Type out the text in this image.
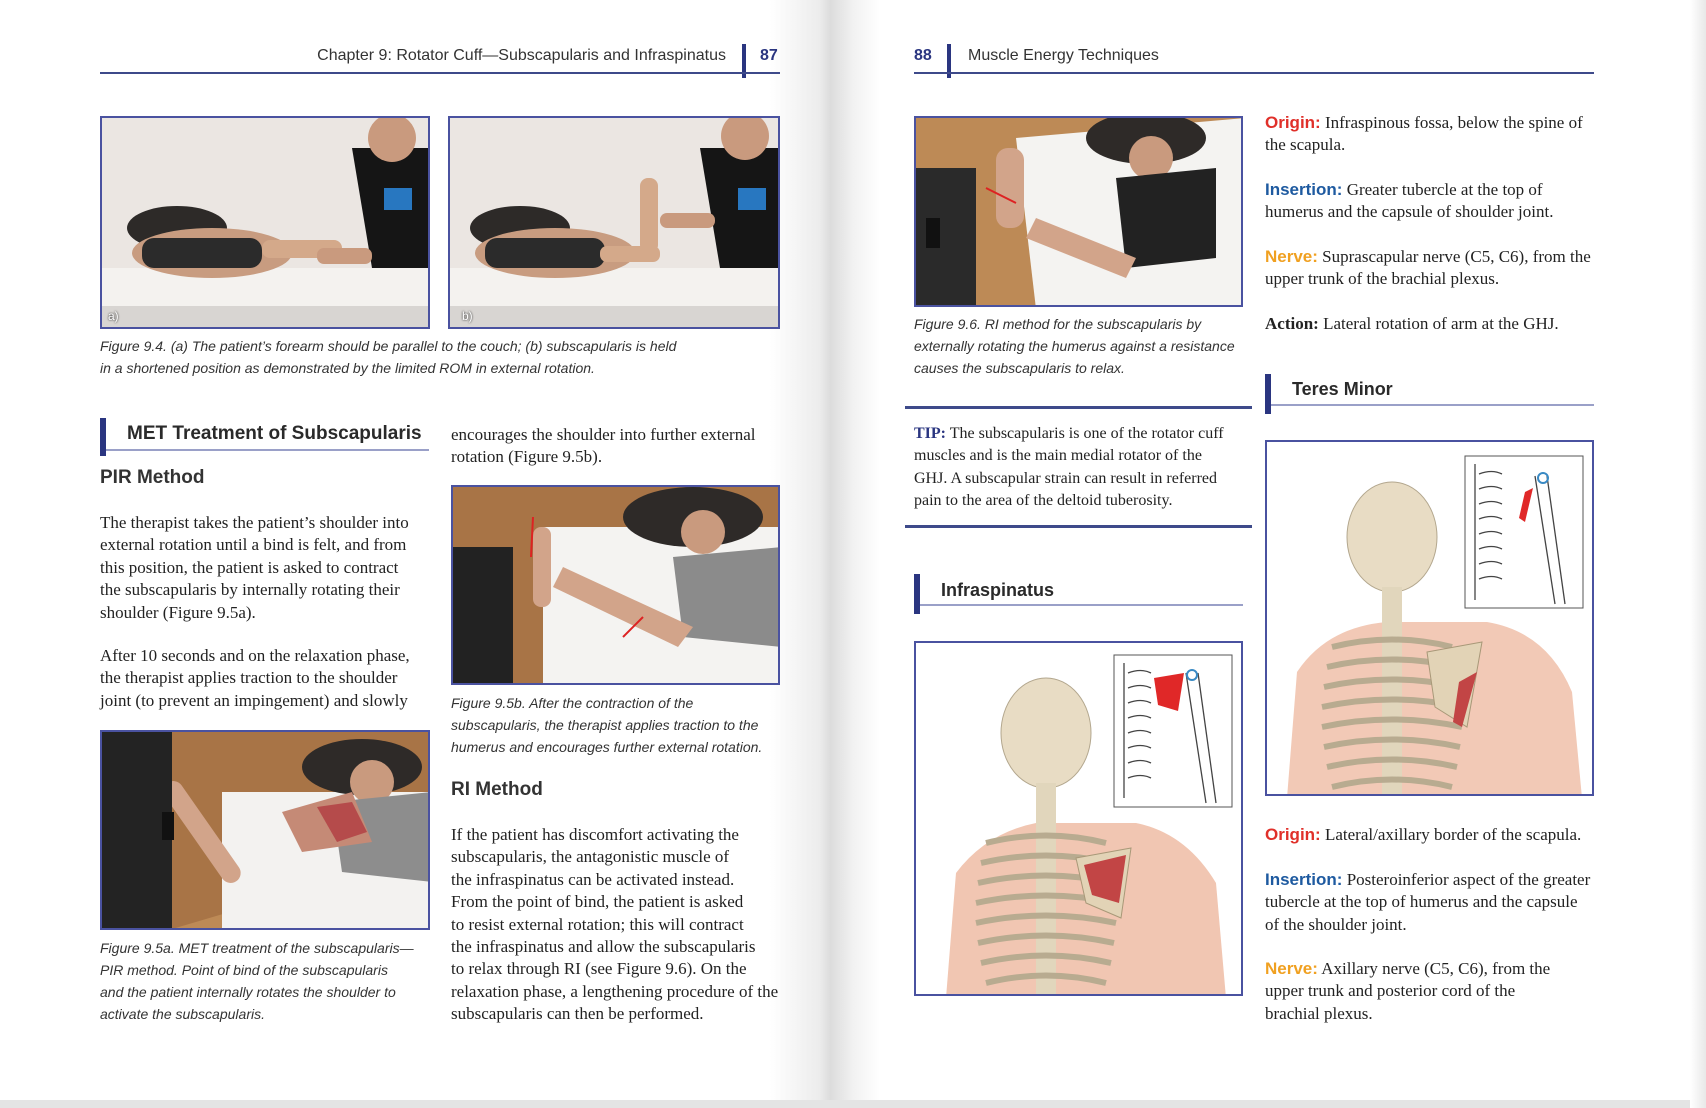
Chapter 9: Rotator Cuff—Subscapularis and Infraspinatus 87
a)	b)
Figure 9.4. (a) The patient’s forearm should be parallel to the couch; (b) subscapularis is held
in a shortened position as demonstrated by the limited ROM in external rotation.
MET Treatment of Subscapularis
PIR Method
The therapist takes the patient’s shoulder into
external rotation until a bind is felt, and from
this position, the patient is asked to contract
the subscapularis by internally rotating their
shoulder (Figure 9.5a).
After 10 seconds and on the relaxation phase,
the therapist applies traction to the shoulder
joint (to prevent an impingement) and slowly
Figure 9.5a. MET treatment of the subscapularis—
PIR method. Point of bind of the subscapularis
and the patient internally rotates the shoulder to
activate the subscapularis.
encourages the shoulder into further external
rotation (Figure 9.5b).
Figure 9.5b. After the contraction of the
subscapularis, the therapist applies traction to the
humerus and encourages further external rotation.
RI Method
If the patient has discomfort activating the
subscapularis, the antagonistic muscle of
the infraspinatus can be activated instead.
From the point of bind, the patient is asked
to resist external rotation; this will contract
the infraspinatus and allow the subscapularis
to relax through RI (see Figure 9.6). On the
relaxation phase, a lengthening procedure of the
subscapularis can then be performed.
88 Muscle Energy Techniques
Figure 9.6. RI method for the subscapularis by
externally rotating the humerus against a resistance
causes the subscapularis to relax.
TIP: The subscapularis is one of the rotator cuff
muscles and is the main medial rotator of the
GHJ. A subscapular strain can result in referred
pain to the area of the deltoid tuberosity.
Infraspinatus
Origin: Infraspinous fossa, below the spine of
the scapula.
Insertion: Greater tubercle at the top of
humerus and the capsule of shoulder joint.
Nerve: Suprascapular nerve (C5, C6), from the
upper trunk of the brachial plexus.
Action: Lateral rotation of arm at the GHJ.
Teres Minor
Origin: Lateral/axillary border of the scapula.
Insertion: Posteroinferior aspect of the greater
tubercle at the top of humerus and the capsule
of the shoulder joint.
Nerve: Axillary nerve (C5, C6), from the
upper trunk and posterior cord of the
brachial plexus.
